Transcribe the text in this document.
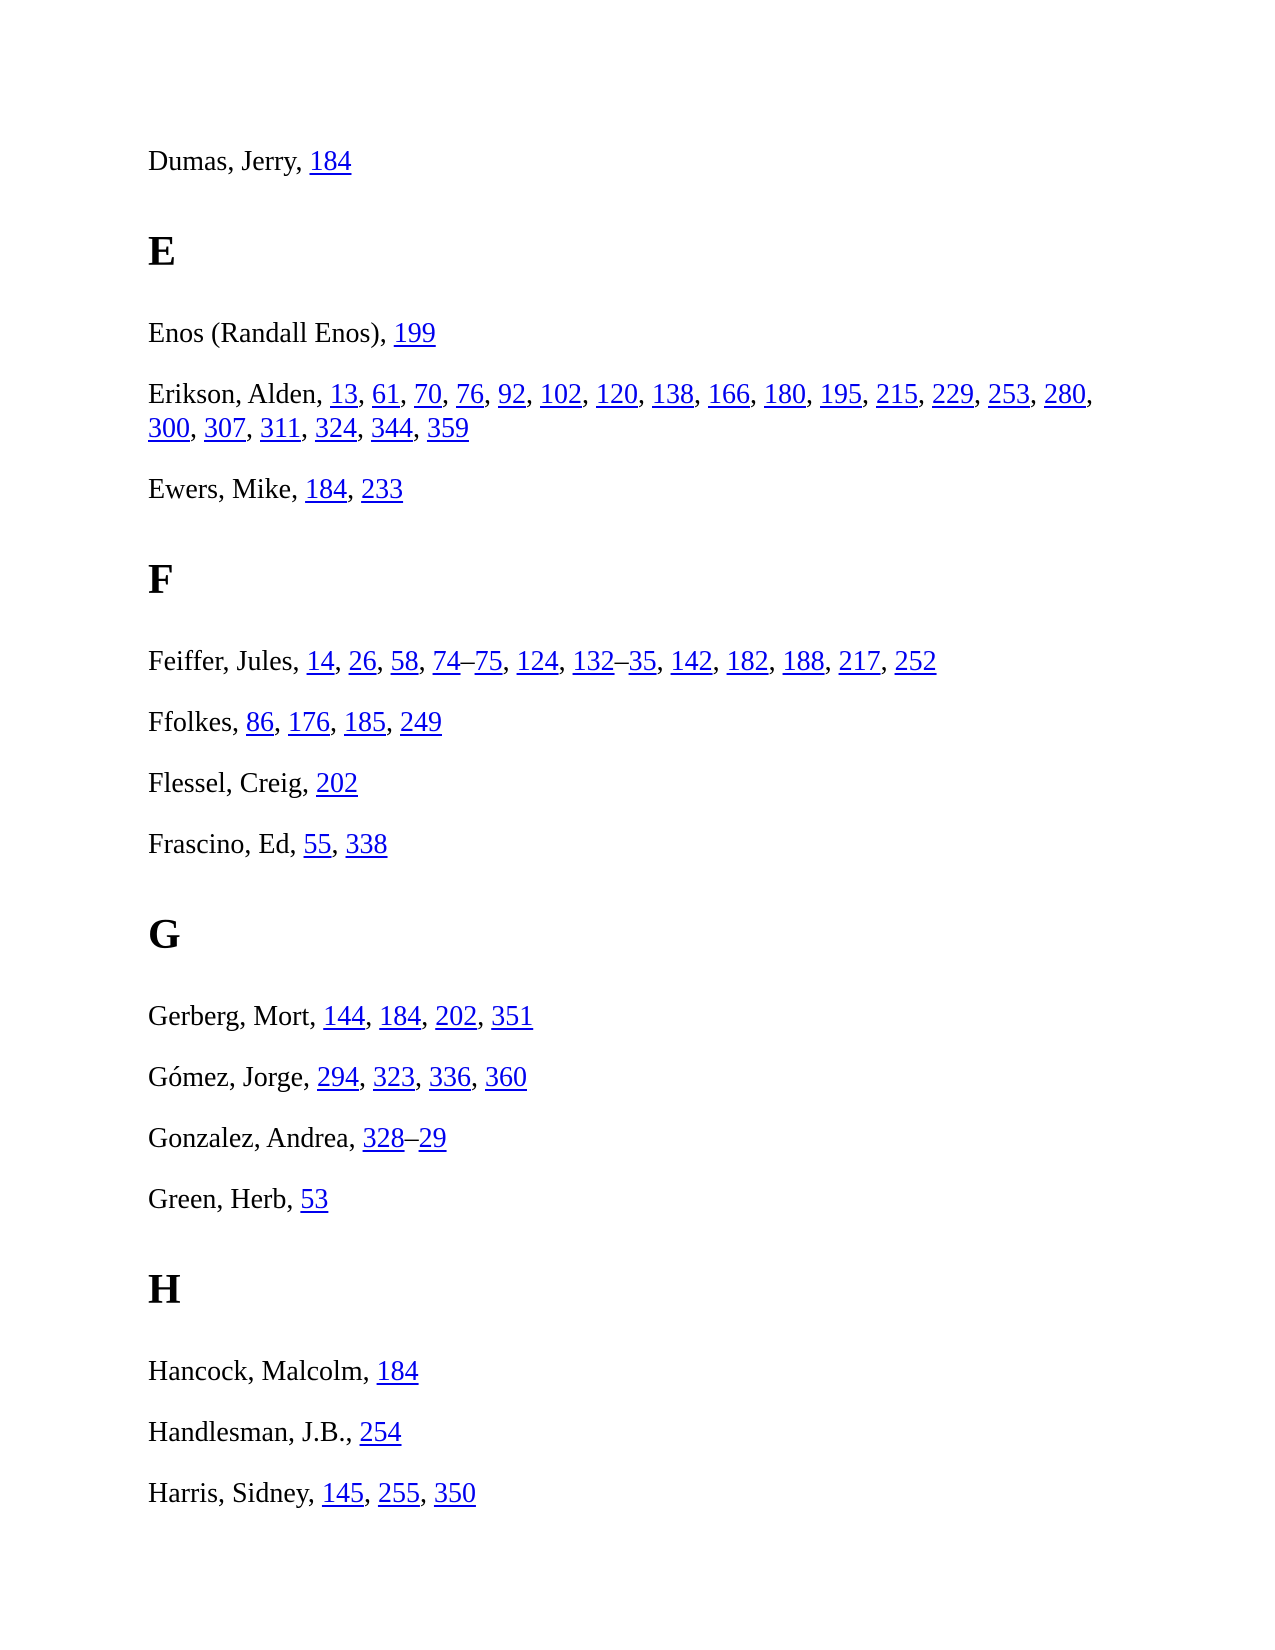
Dumas, Jerry, 184
E
Enos (Randall Enos), 199
Erikson, Alden, 13, 61, 70, 76, 92, 102, 120, 138, 166, 180, 195, 215, 229, 253, 280, 300, 307, 311, 324, 344, 359
Ewers, Mike, 184, 233
F
Feiffer, Jules, 14, 26, 58, 74–75, 124, 132–35, 142, 182, 188, 217, 252
Ffolkes, 86, 176, 185, 249
Flessel, Creig, 202
Frascino, Ed, 55, 338
G
Gerberg, Mort, 144, 184, 202, 351
Gómez, Jorge, 294, 323, 336, 360
Gonzalez, Andrea, 328–29
Green, Herb, 53
H
Hancock, Malcolm, 184
Handlesman, J.B., 254
Harris, Sidney, 145, 255, 350
